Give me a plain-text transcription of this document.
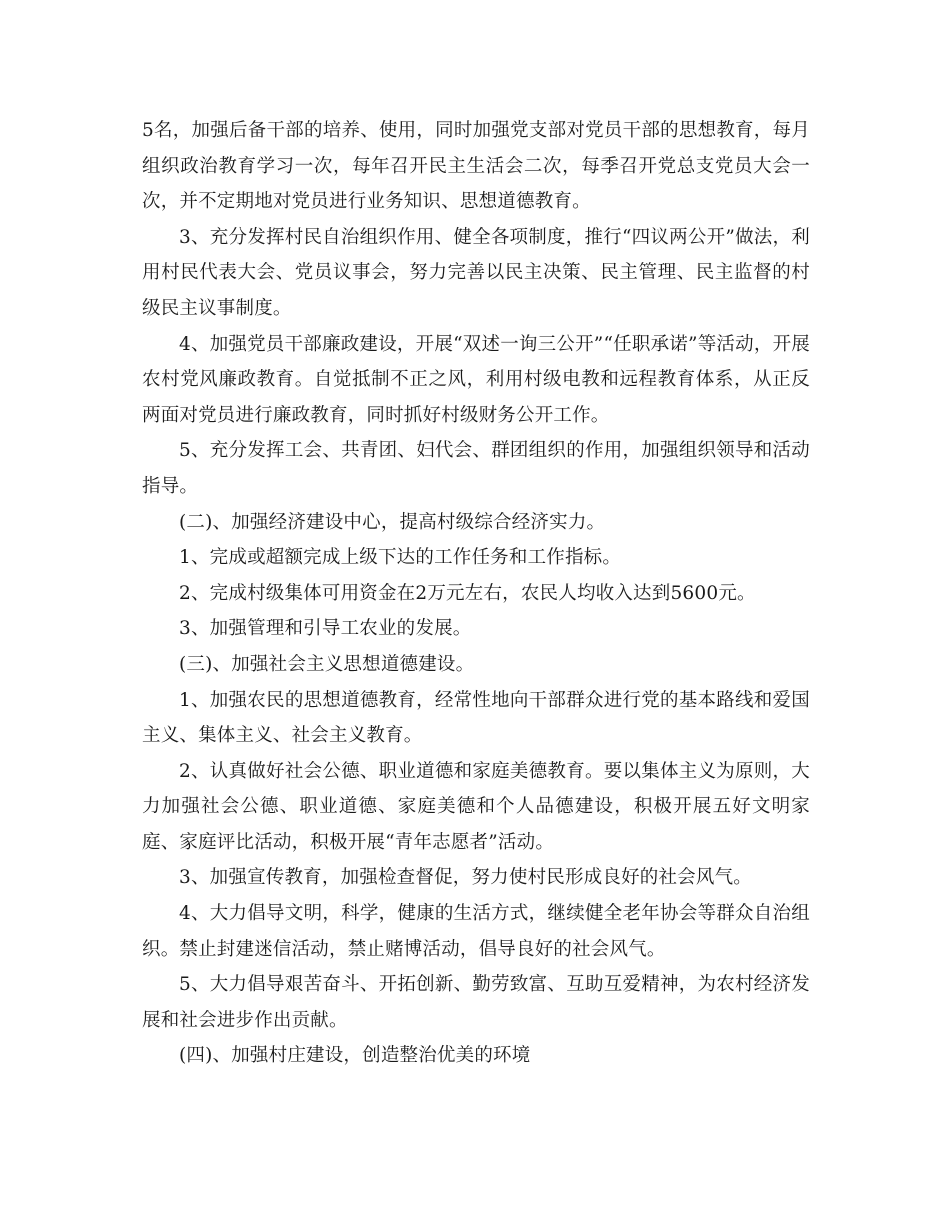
5名，加强后备干部的培养、使用，同时加强党支部对党员干部的思想教育，每月组织政治教育学习一次，每年召开民主生活会二次，每季召开党总支党员大会一次，并不定期地对党员进行业务知识、思想道德教育。

3、充分发挥村民自治组织作用、健全各项制度，推行“四议两公开”做法，利用村民代表大会、党员议事会，努力完善以民主决策、民主管理、民主监督的村级民主议事制度。

4、加强党员干部廉政建设，开展“双述一询三公开”“任职承诺”等活动，开展农村党风廉政教育。自觉抵制不正之风，利用村级电教和远程教育体系，从正反两面对党员进行廉政教育，同时抓好村级财务公开工作。

5、充分发挥工会、共青团、妇代会、群团组织的作用，加强组织领导和活动指导。

(二)、加强经济建设中心，提高村级综合经济实力。

1、完成或超额完成上级下达的工作任务和工作指标。

2、完成村级集体可用资金在2万元左右，农民人均收入达到5600元。

3、加强管理和引导工农业的发展。

(三)、加强社会主义思想道德建设。

1、加强农民的思想道德教育，经常性地向干部群众进行党的基本路线和爱国主义、集体主义、社会主义教育。

2、认真做好社会公德、职业道德和家庭美德教育。要以集体主义为原则，大力加强社会公德、职业道德、家庭美德和个人品德建设，积极开展五好文明家庭、家庭评比活动，积极开展“青年志愿者”活动。

3、加强宣传教育，加强检查督促，努力使村民形成良好的社会风气。

4、大力倡导文明，科学，健康的生活方式，继续健全老年协会等群众自治组织。禁止封建迷信活动，禁止赌博活动，倡导良好的社会风气。

5、大力倡导艰苦奋斗、开拓创新、勤劳致富、互助互爱精神，为农村经济发展和社会进步作出贡献。

(四)、加强村庄建设，创造整治优美的环境
